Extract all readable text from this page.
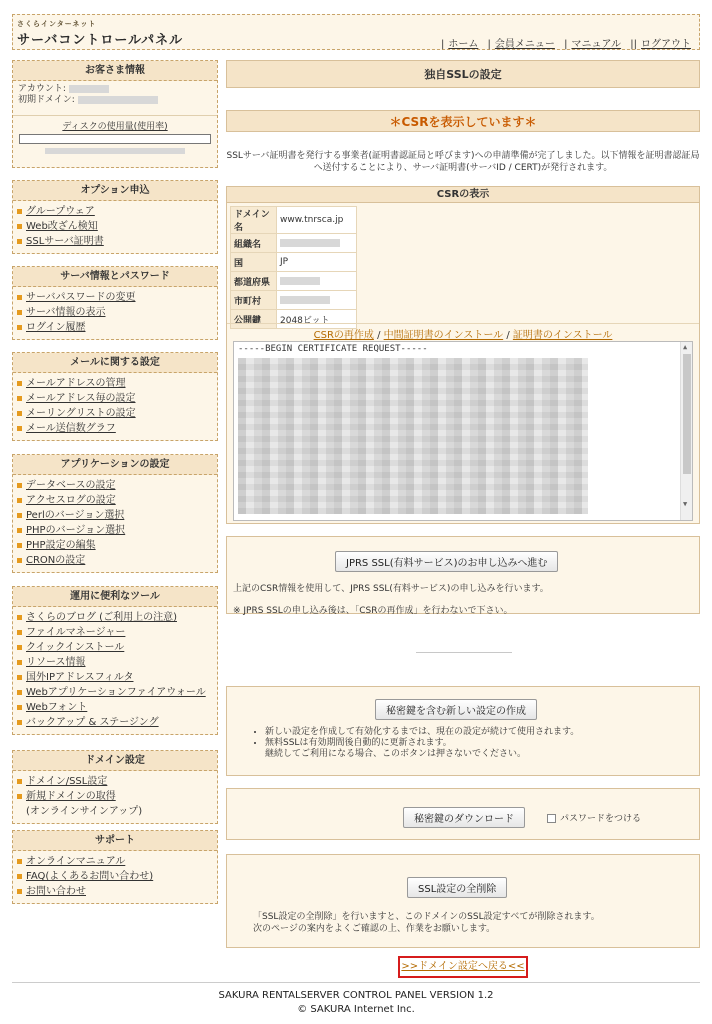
さくらインターネット
サーバコントロールパネル	| ホーム | 会員メニュー | マニュアル || ログアウト
お客さま情報
アカウント:
初期ドメイン:
ディスクの使用量(使用率)
オプション申込
グループウェア
Web改ざん検知
SSLサーバ証明書
サーバ情報とパスワード
サーバパスワードの変更
サーバ情報の表示
ログイン履歴
メールに関する設定
メールアドレスの管理
メールアドレス毎の設定
メーリングリストの設定
メール送信数グラフ
アプリケーションの設定
データベースの設定
アクセスログの設定
Perlのバージョン選択
PHPのバージョン選択
PHP設定の編集
CRONの設定
運用に便利なツール
さくらのブログ (ご利用上の注意)
ファイルマネージャー
クイックインストール
リソース情報
国外IPアドレスフィルタ
Webアプリケーションファイアウォール
Webフォント
バックアップ & ステージング
ドメイン設定
ドメイン/SSL設定
新規ドメインの取得
(オンラインサインアップ)
サポート
オンラインマニュアル
FAQ(よくあるお問い合わせ)
お問い合わせ
独自SSLの設定
＊CSRを表示しています＊
SSLサーバ証明書を発行する事業者(証明書認証局と呼びます)への申請準備が完了しました。以下情報を証明書認証局へ送付することにより、サーバ証明書(サーバID / CERT)が発行されます。
CSRの表示
ドメイン名	www.tnrsca.jp
組織名	
国	JP
都道府県	
市町村	
公開鍵	2048ビット
CSRの再作成 / 中間証明書のインストール / 証明書のインストール
-----BEGIN CERTIFICATE REQUEST-----	▲
▼
JPRS SSL(有料サービス)のお申し込みへ進む
上記のCSR情報を使用して、JPRS SSL(有料サービス)の申し込みを行います。
※ JPRS SSLの申し込み後は、「CSRの再作成」を行わないで下さい。
秘密鍵を含む新しい設定の作成
• 新しい設定を作成して有効化するまでは、現在の設定が続けて使用されます。
• 無料SSLは有効期間後自動的に更新されます。
継続してご利用になる場合、このボタンは押さないでください。
秘密鍵のダウンロード	パスワードをつける
SSL設定の全削除
「SSL設定の全削除」を行いますと、このドメインのSSL設定すべてが削除されます。
次のページの案内をよくご確認の上、作業をお願いします。
>>ドメイン設定へ戻る<<
SAKURA RENTALSERVER CONTROL PANEL VERSION 1.2
© SAKURA Internet Inc.
